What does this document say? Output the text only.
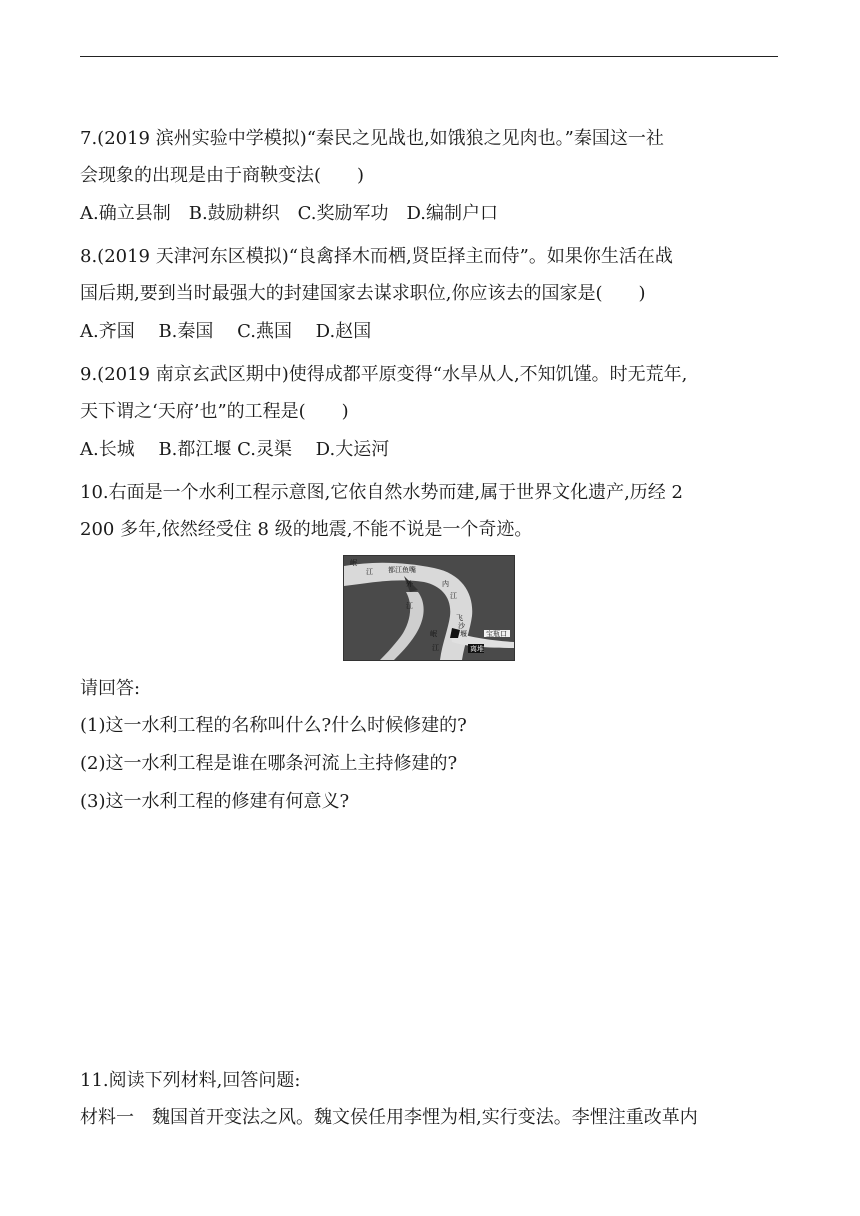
7.(2019 滨州实验中学模拟)“秦民之见战也,如饿狼之见肉也。”秦国这一社
会现象的出现是由于商鞅变法(　　)
A.确立县制　B.鼓励耕织　C.奖励军功　D.编制户口
8.(2019 天津河东区模拟)“良禽择木而栖,贤臣择主而侍”。如果你生活在战
国后期,要到当时最强大的封建国家去谋求职位,你应该去的国家是(　　)
A.齐国　 B.秦国　 C.燕国　 D.赵国
9.(2019 南京玄武区期中)使得成都平原变得“水旱从人,不知饥馑。时无荒年,
天下谓之‘天府’也”的工程是(　　)
A.长城　 B.都江堰 C.灵渠　 D.大运河
10.右面是一个水利工程示意图,它依自然水势而建,属于世界文化遗产,历经 2
200 多年,依然经受住 8 级的地震,不能不说是一个奇迹。
岷
江 都江鱼嘴
外	内
江
江
飞
沙
堰	宝瓶口
离堆
岷
江
请回答:
(1)这一水利工程的名称叫什么?什么时候修建的?
(2)这一水利工程是谁在哪条河流上主持修建的?
(3)这一水利工程的修建有何意义?
11.阅读下列材料,回答问题:
材料一　魏国首开变法之风。魏文侯任用李悝为相,实行变法。李悝注重改革内
